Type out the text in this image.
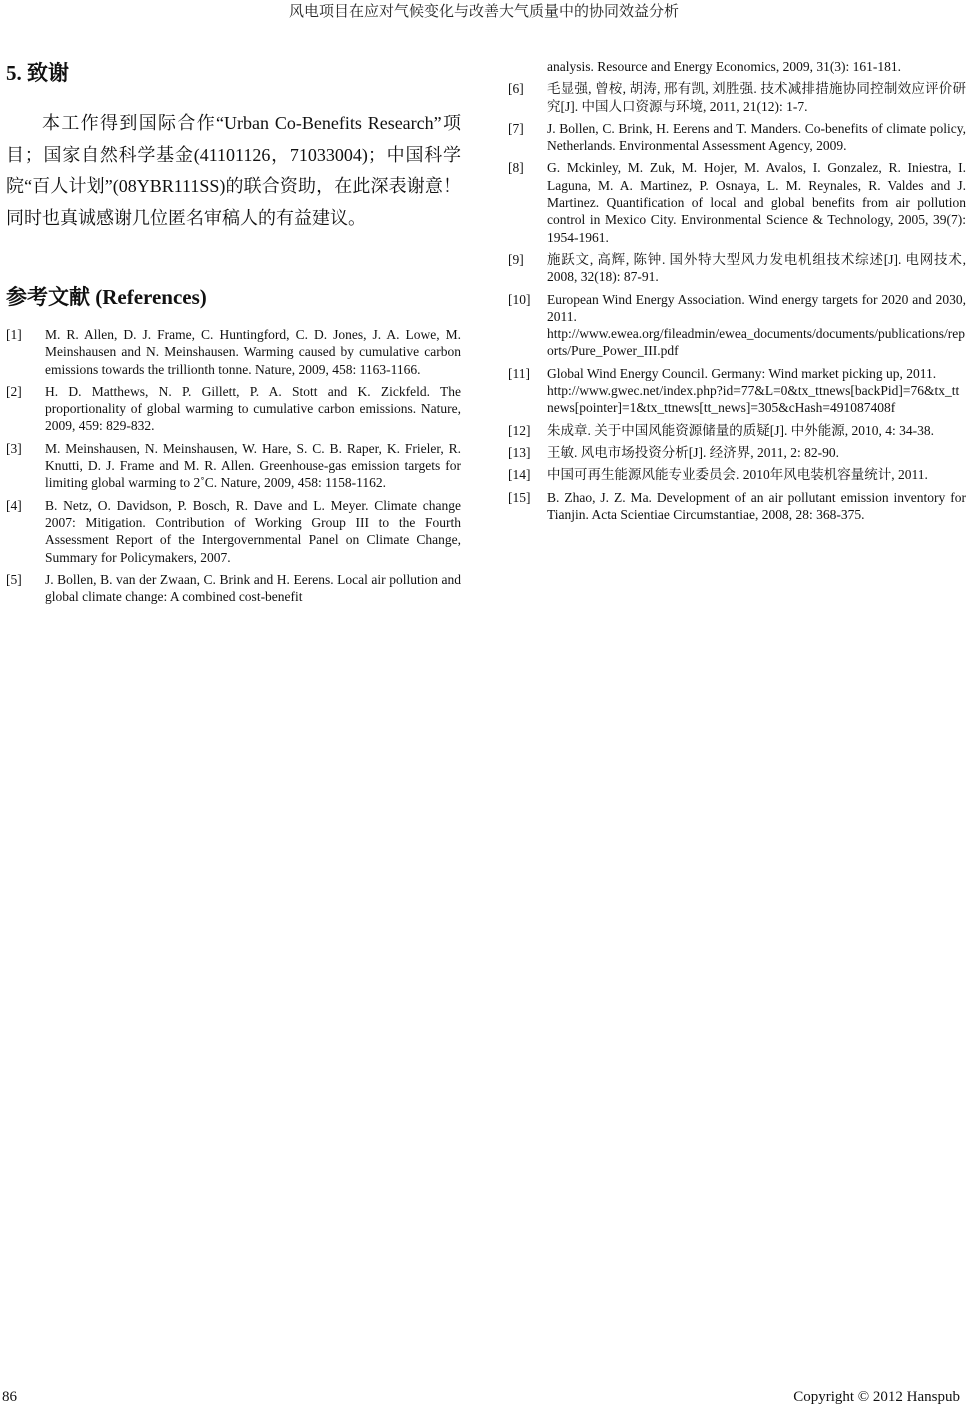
风电项目在应对气候变化与改善大气质量中的协同效益分析
5. 致谢

本工作得到国际合作“Urban Co-Benefits Research”项目；国家自然科学基金(41101126，71033004)；中国科学院“百人计划”(08YBR111SS)的联合资助，在此深表谢意！同时也真诚感谢几位匿名审稿人的有益建议。

参考文献 (References)
[1]	M. R. Allen, D. J. Frame, C. Huntingford, C. D. Jones, J. A. Lowe, M. Meinshausen and N. Meinshausen. Warming caused by cumulative carbon emissions towards the trillionth tonne. Nature, 2009, 458: 1163-1166.
[2]	H. D. Matthews, N. P. Gillett, P. A. Stott and K. Zickfeld. The proportionality of global warming to cumulative carbon emissions. Nature, 2009, 459: 829-832.
[3]	M. Meinshausen, N. Meinshausen, W. Hare, S. C. B. Raper, K. Frieler, R. Knutti, D. J. Frame and M. R. Allen. Greenhouse-gas emission targets for limiting global warming to 2˚C. Nature, 2009, 458: 1158-1162.
[4]	B. Netz, O. Davidson, P. Bosch, R. Dave and L. Meyer. Climate change 2007: Mitigation. Contribution of Working Group III to the Fourth Assessment Report of the Intergovernmental Panel on Climate Change, Summary for Policymakers, 2007.
[5]	J. Bollen, B. van der Zwaan, C. Brink and H. Eerens. Local air pollution and global climate change: A combined cost-benefit
analysis. Resource and Energy Economics, 2009, 31(3): 161-181.
[6]	毛显强, 曾桉, 胡涛, 邢有凯, 刘胜强. 技术减排措施协同控制效应评价研究[J]. 中国人口资源与环境, 2011, 21(12): 1-7.
[7]	J. Bollen, C. Brink, H. Eerens and T. Manders. Co-benefits of climate policy, Netherlands. Environmental Assessment Agency, 2009.
[8]	G. Mckinley, M. Zuk, M. Hojer, M. Avalos, I. Gonzalez, R. Iniestra, I. Laguna, M. A. Martinez, P. Osnaya, L. M. Reynales, R. Valdes and J. Martinez. Quantification of local and global benefits from air pollution control in Mexico City. Environmental Science & Technology, 2005, 39(7): 1954-1961.
[9]	施跃文, 高辉, 陈钟. 国外特大型风力发电机组技术综述[J]. 电网技术, 2008, 32(18): 87-91.
[10]	European Wind Energy Association. Wind energy targets for 2020 and 2030, 2011.
http://www.ewea.org/fileadmin/ewea_documents/documents/publications/reports/Pure_Power_III.pdf
[11]	Global Wind Energy Council. Germany: Wind market picking up, 2011.
http://www.gwec.net/index.php?id=77&L=0&tx_ttnews[backPid]=76&tx_ttnews[pointer]=1&tx_ttnews[tt_news]=305&cHash=491087408f
[12]	朱成章. 关于中国风能资源储量的质疑[J]. 中外能源, 2010, 4: 34-38.
[13]	王敏. 风电市场投资分析[J]. 经济界, 2011, 2: 82-90.
[14]	中国可再生能源风能专业委员会. 2010年风电装机容量统计, 2011.
[15]	B. Zhao, J. Z. Ma. Development of an air pollutant emission inventory for Tianjin. Acta Scientiae Circumstantiae, 2008, 28: 368-375.
86	Copyright © 2012 Hanspub
